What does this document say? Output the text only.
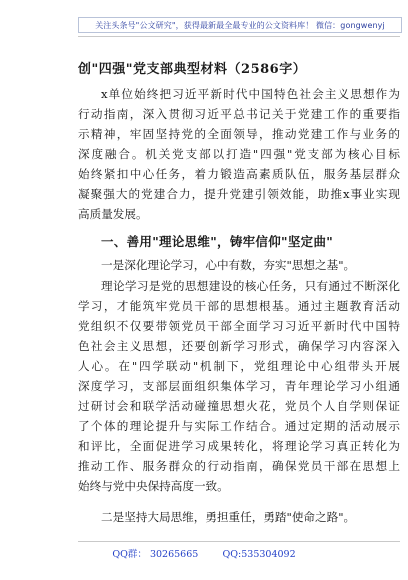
关注头条号"公文研究"，获得最新最全最专业的公文资料库！ 微信：gongwenyj
创"四强"党支部典型材料（2586字）
x单位始终把习近平新时代中国特色社会主义思想作为
行动指南，深入贯彻习近平总书记关于党建工作的重要指
示精神，牢固坚持党的全面领导，推动党建工作与业务的
深度融合。机关党支部以打造"四强"党支部为核心目标
始终紧扣中心任务，着力锻造高素质队伍，服务基层群众
凝聚强大的党建合力，提升党建引领效能，助推x事业实现
高质量发展。
一、善用"理论思维"，铸牢信仰"坚定曲"
一是深化理论学习，心中有数，夯实"思想之基"。
理论学习是党的思想建设的核心任务，只有通过不断深化
学习，才能筑牢党员干部的思想根基。通过主题教育活动
党组织不仅要带领党员干部全面学习习近平新时代中国特
色社会主义思想，还要创新学习形式，确保学习内容深入
人心。在"四学联动"机制下，党组理论中心组带头开展
深度学习，支部层面组织集体学习，青年理论学习小组通
过研讨会和联学活动碰撞思想火花，党员个人自学则保证
了个体的理论提升与实际工作结合。通过定期的活动展示
和评比，全面促进学习成果转化，将理论学习真正转化为
推动工作、服务群众的行动指南，确保党员干部在思想上
始终与党中央保持高度一致。
二是坚持大局思维，勇担重任，勇踏"使命之路"。
QQ群： 30265665        QQ:535304092
